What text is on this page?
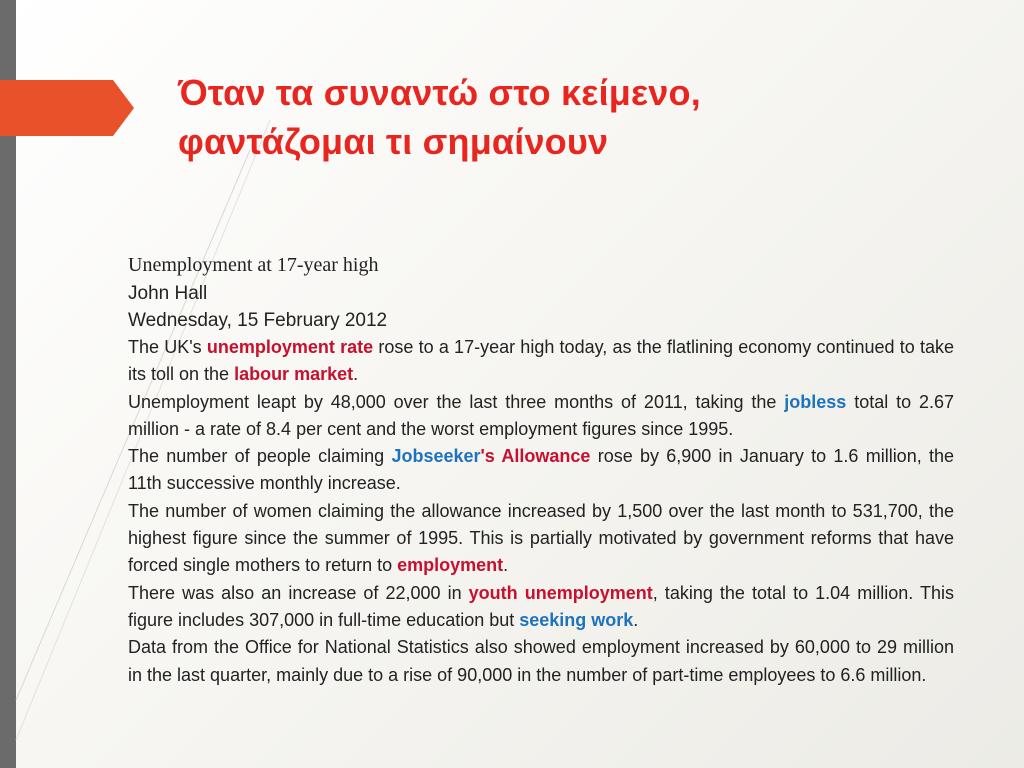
Όταν τα συναντώ στο κείμενο,
φαντάζομαι τι σημαίνουν
Unemployment at 17-year high
John Hall
Wednesday, 15 February 2012
The UK's unemployment rate rose to a 17-year high today, as the flatlining economy continued to take its toll on the labour market.
Unemployment leapt by 48,000 over the last three months of 2011, taking the jobless total to 2.67 million - a rate of 8.4 per cent and the worst employment figures since 1995.
The number of people claiming Jobseeker's Allowance rose by 6,900 in January to 1.6 million, the 11th successive monthly increase.
The number of women claiming the allowance increased by 1,500 over the last month to 531,700, the highest figure since the summer of 1995. This is partially motivated by government reforms that have forced single mothers to return to employment.
There was also an increase of 22,000 in youth unemployment, taking the total to 1.04 million. This figure includes 307,000 in full-time education but seeking work.
Data from the Office for National Statistics also showed employment increased by 60,000 to 29 million in the last quarter, mainly due to a rise of 90,000 in the number of part-time employees to 6.6 million.
